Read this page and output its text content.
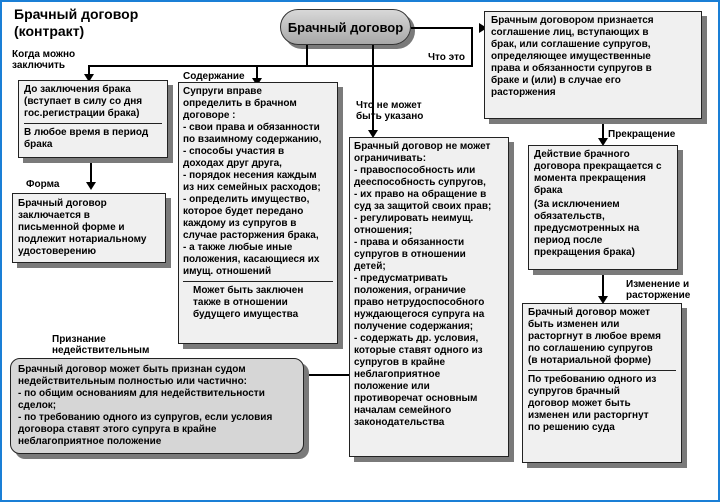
Брачный договор
(контракт)	Брачный договор
Когда можно
заключить
До заключения брака
(вступает в силу со дня
гос.регистрации брака)
В любое время в период
брака
Форма
Брачный договор
заключается в
письменной форме и
подлежит нотариальному
удостоверению
Содержание
Супруги вправе
определить в брачном
договоре :
- свои права и обязанности
по взаимному содержанию,
- способы участия в
доходах друг друга,
- порядок несения каждым
из них семейных расходов;
- определить имущество,
которое будет передано
каждому из супругов в
случае расторжения брака,
- а также любые иные
положения, касающиеся их
имущ. отношений
Может быть заключен
также в отношении
будущего имущества
Что не может
быть указано
Брачный договор не может
ограничивать:
- правоспособность или
дееспособность супругов,
- их право на обращение в
суд за защитой своих прав;
- регулировать неимущ.
отношения;
- права и обязанности
супругов в отношении
детей;
- предусматривать
положения, ограничие
право нетрудоспособного
нуждающегося супруга на
получение содержания;
- содержать др. условия,
которые ставят одного из
супругов в крайне
неблагоприятное
положение или
противоречат основным
началам семейного
законодательства
Что это
Брачным договором признается
соглашение лиц, вступающих в
брак, или соглашение супругов,
определяющее имущественные
права и обязанности супругов в
браке и (или) в случае его
расторжения
Прекращение
Действие брачного
договора прекращается с
момента прекращения
брака
(За исключением
обязательств,
предусмотренных на
период после
прекращения брака)
Изменение и
расторжение
Брачный договор может
быть изменен или
расторгнут в любое время
по соглашению супругов
(в нотариальной форме)
По требованию одного из
супругов брачный
договор может быть
изменен или расторгнут
по решению суда
Признание
недействительным
Брачный договор может быть признан судом
недействительным полностью или частично:
- по общим основаниям для недействительности
сделок;
- по требованию одного из супругов, если условия
договора ставят этого супруга в крайне
неблагоприятное положение
